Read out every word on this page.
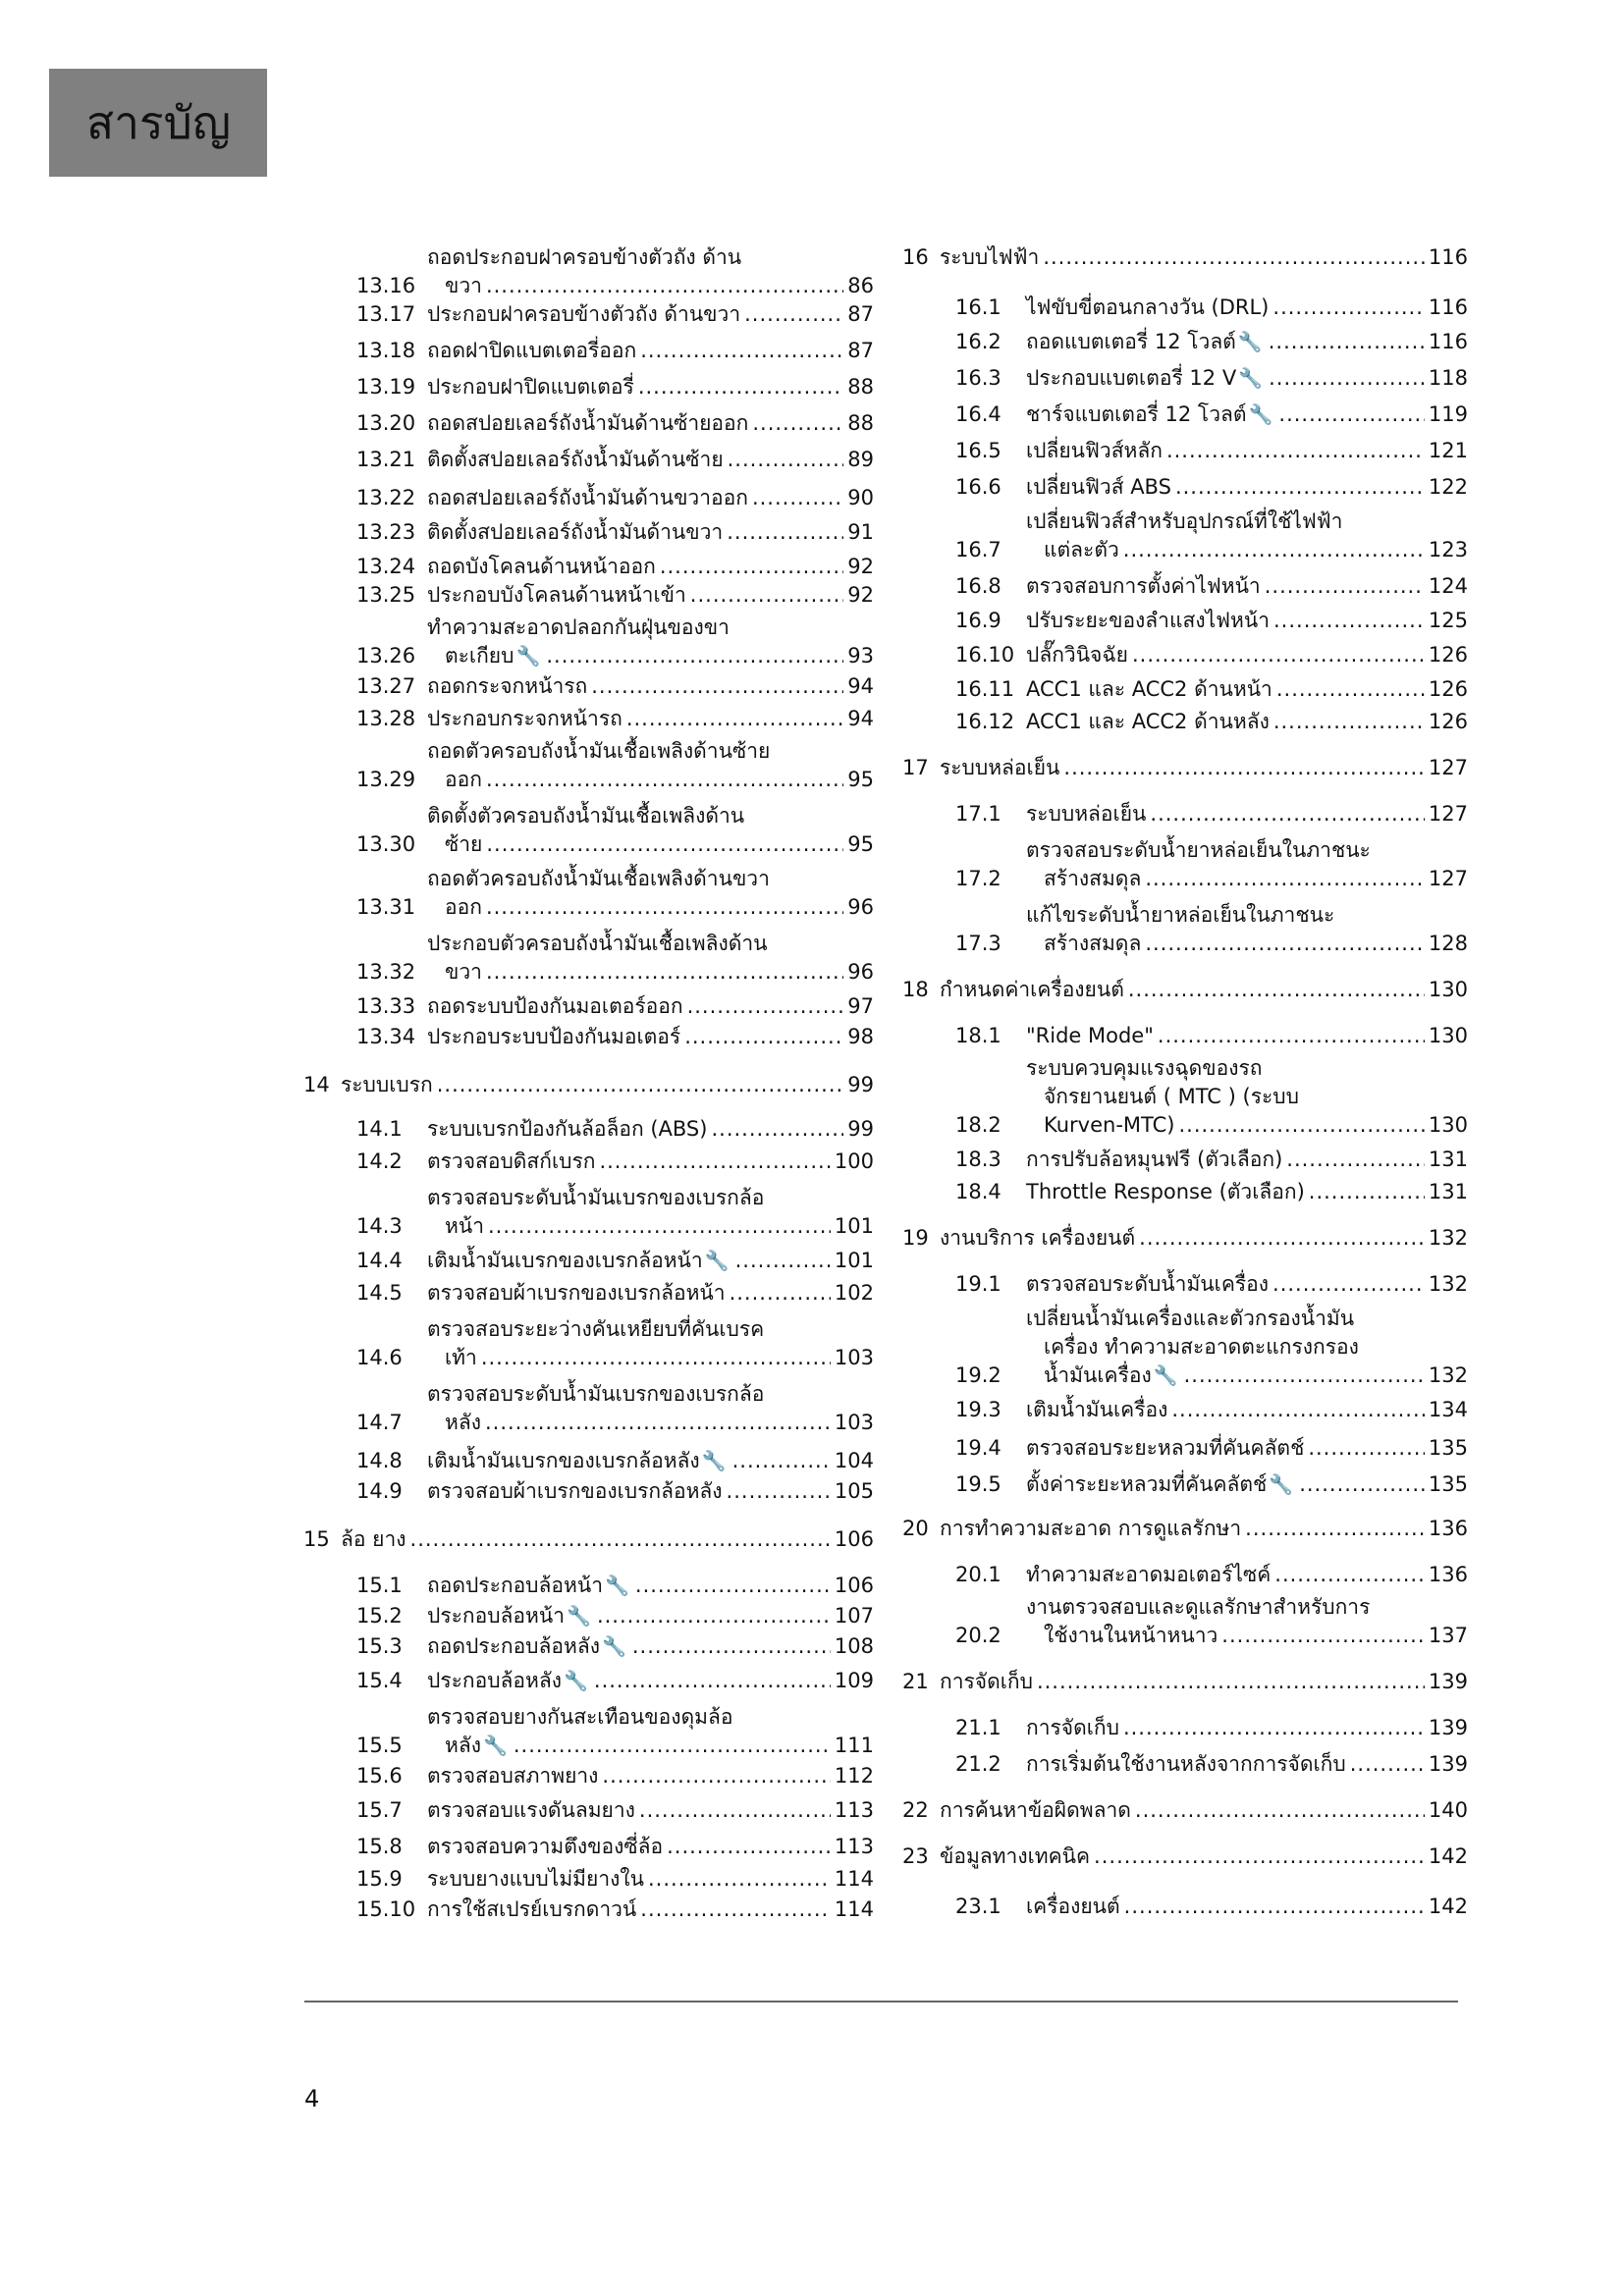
สารบัญ
13.16
ถอดประกอบฝาครอบข้างตัวถัง ด้าน
ขวา .....	86
13.17 ประกอบฝาครอบข้างตัวถัง ด้านขวา .....	87
13.18 ถอดฝาปิดแบตเตอรี่ออก .....	87
13.19 ประกอบฝาปิดแบตเตอรี่ .....	88
13.20 ถอดสปอยเลอร์ถังน้ำมันด้านซ้ายออก .....	88
13.21 ติดตั้งสปอยเลอร์ถังน้ำมันด้านซ้าย .....	89
13.22 ถอดสปอยเลอร์ถังน้ำมันด้านขวาออก .....	90
13.23 ติดตั้งสปอยเลอร์ถังน้ำมันด้านขวา .....	91
13.24 ถอดบังโคลนด้านหน้าออก .....	92
13.25 ประกอบบังโคลนด้านหน้าเข้า .....	92
13.26
ทำความสะอาดปลอกกันฝุ่นของขา
ตะเกียบ 🔧 .....	93
13.27 ถอดกระจกหน้ารถ .....	94
13.28 ประกอบกระจกหน้ารถ .....	94
13.29
ถอดตัวครอบถังน้ำมันเชื้อเพลิงด้านซ้าย
ออก .....	95
13.30
ติดตั้งตัวครอบถังน้ำมันเชื้อเพลิงด้าน
ซ้าย .....	95
13.31
ถอดตัวครอบถังน้ำมันเชื้อเพลิงด้านขวา
ออก .....	96
13.32
ประกอบตัวครอบถังน้ำมันเชื้อเพลิงด้าน
ขวา .....	96
13.33 ถอดระบบป้องกันมอเตอร์ออก .....	97
13.34 ประกอบระบบป้องกันมอเตอร์ .....	98
14 ระบบเบรก .....	99
14.1	ระบบเบรกป้องกันล้อล็อก (ABS) .....	99
14.2	ตรวจสอบดิสก์เบรก .....	100
14.3
ตรวจสอบระดับน้ำมันเบรกของเบรกล้อ
หน้า .....	101
14.4	เติมน้ำมันเบรกของเบรกล้อหน้า 🔧 .....	101
14.5	ตรวจสอบผ้าเบรกของเบรกล้อหน้า .....	102
14.6
ตรวจสอบระยะว่างคันเหยียบที่คันเบรค
เท้า .....	103
14.7
ตรวจสอบระดับน้ำมันเบรกของเบรกล้อ
หลัง .....	103
14.8	เติมน้ำมันเบรกของเบรกล้อหลัง 🔧 .....	104
14.9	ตรวจสอบผ้าเบรกของเบรกล้อหลัง .....	105
15 ล้อ ยาง .....	106
15.1	ถอดประกอบล้อหน้า 🔧 .....	106
15.2	ประกอบล้อหน้า 🔧 .....	107
15.3	ถอดประกอบล้อหลัง 🔧 .....	108
15.4	ประกอบล้อหลัง 🔧 .....	109
15.5
ตรวจสอบยางกันสะเทือนของดุมล้อ
หลัง 🔧 .....	111
15.6	ตรวจสอบสภาพยาง .....	112
15.7	ตรวจสอบแรงดันลมยาง .....	113
15.8	ตรวจสอบความตึงของซี่ล้อ .....	113
15.9	ระบบยางแบบไม่มียางใน .....	114
15.10 การใช้สเปรย์เบรกดาวน์ .....	114
16 ระบบไฟฟ้า .....	116
16.1	ไฟขับขี่ตอนกลางวัน (DRL) .....	116
16.2	ถอดแบตเตอรี่ 12 โวลต์ 🔧 .....	116
16.3	ประกอบแบตเตอรี่ 12 V 🔧 .....	118
16.4	ชาร์จแบตเตอรี่ 12 โวลต์ 🔧 .....	119
16.5	เปลี่ยนฟิวส์หลัก .....	121
16.6	เปลี่ยนฟิวส์ ABS .....	122
16.7
เปลี่ยนฟิวส์สำหรับอุปกรณ์ที่ใช้ไฟฟ้า
แต่ละตัว .....	123
16.8	ตรวจสอบการตั้งค่าไฟหน้า .....	124
16.9	ปรับระยะของลำแสงไฟหน้า .....	125
16.10 ปลั๊กวินิจฉัย .....	126
16.11 ACC1 และ ACC2 ด้านหน้า .....	126
16.12 ACC1 และ ACC2 ด้านหลัง .....	126
17 ระบบหล่อเย็น .....	127
17.1	ระบบหล่อเย็น .....	127
17.2
ตรวจสอบระดับน้ำยาหล่อเย็นในภาชนะ
สร้างสมดุล .....	127
17.3
แก้ไขระดับน้ำยาหล่อเย็นในภาชนะ
สร้างสมดุล .....	128
18 กำหนดค่าเครื่องยนต์ .....	130
18.1	"Ride Mode" .....	130
18.2
ระบบควบคุมแรงฉุดของรถ
จักรยานยนต์ ( MTC ) (ระบบ
Kurven-MTC) .....	130
18.3	การปรับล้อหมุนฟรี (ตัวเลือก) .....	131
18.4	Throttle Response (ตัวเลือก) .....	131
19 งานบริการ เครื่องยนต์ .....	132
19.1	ตรวจสอบระดับน้ำมันเครื่อง .....	132
19.2
เปลี่ยนน้ำมันเครื่องและตัวกรองน้ำมัน
เครื่อง ทำความสะอาดตะแกรงกรอง
น้ำมันเครื่อง 🔧 .....	132
19.3	เติมน้ำมันเครื่อง .....	134
19.4	ตรวจสอบระยะหลวมที่คันคลัตช์ .....	135
19.5	ตั้งค่าระยะหลวมที่คันคลัตช์ 🔧 .....	135
20 การทำความสะอาด การดูแลรักษา .....	136
20.1	ทำความสะอาดมอเตอร์ไซค์ .....	136
20.2
งานตรวจสอบและดูแลรักษาสำหรับการ
ใช้งานในหน้าหนาว .....	137
21 การจัดเก็บ .....	139
21.1	การจัดเก็บ .....	139
21.2	การเริ่มต้นใช้งานหลังจากการจัดเก็บ .....	139
22 การค้นหาข้อผิดพลาด .....	140
23 ข้อมูลทางเทคนิค .....	142
23.1	เครื่องยนต์ .....	142
4
